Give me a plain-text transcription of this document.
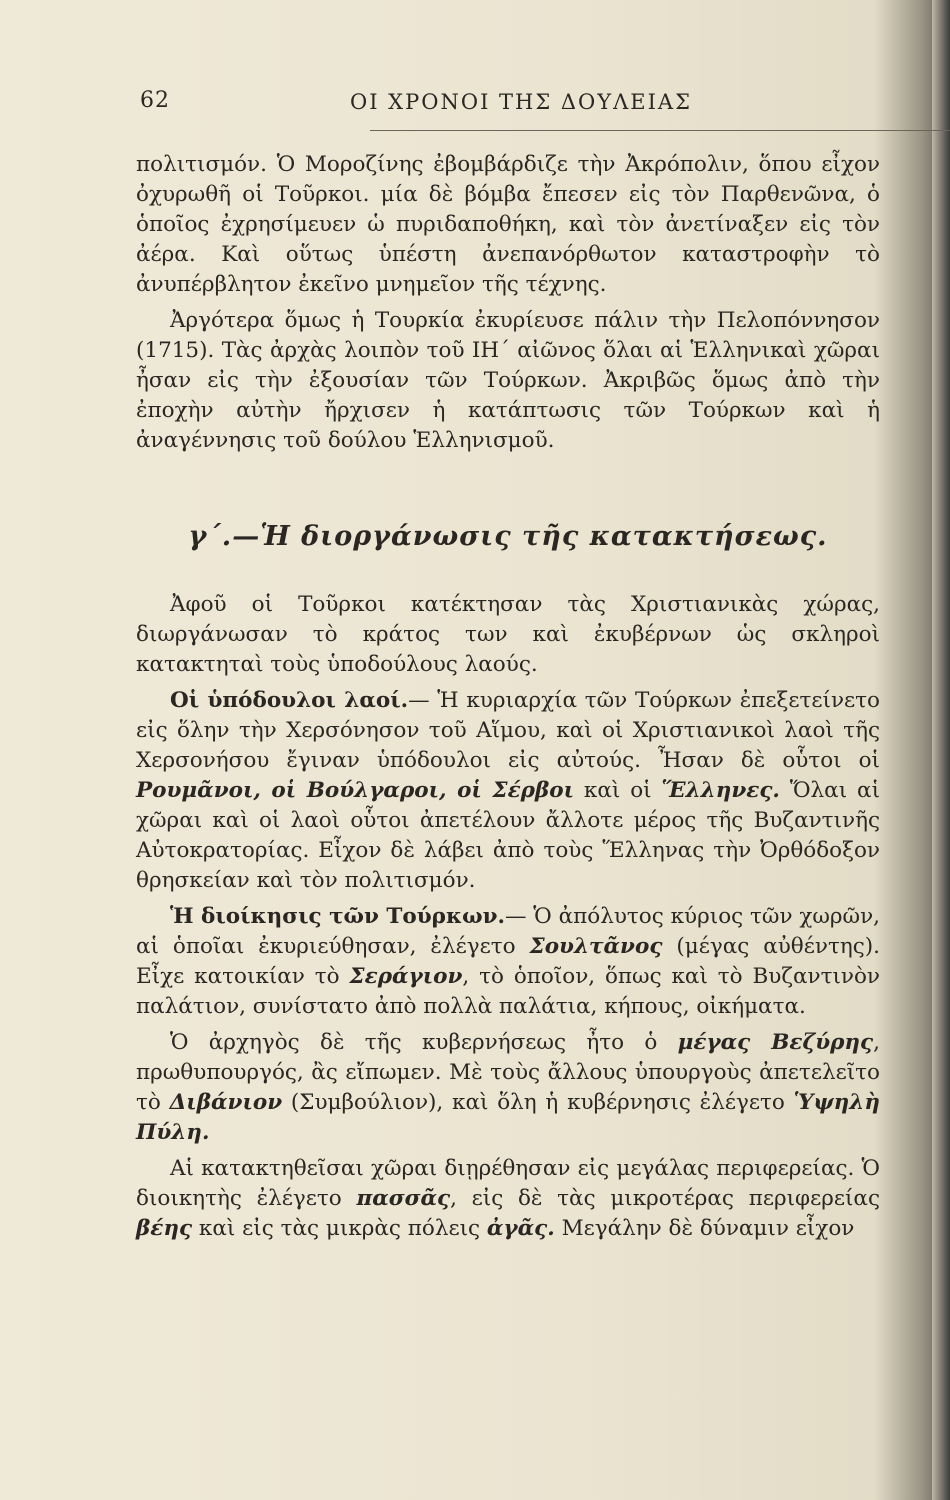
62	ΟΙ ΧΡΟΝΟΙ ΤΗΣ ΔΟΥΛΕΙΑΣ

πολιτισμόν. Ὁ Μοροζίνης ἐβομβάρδιζε τὴν Ἀκρόπολιν, ὅπου εἶχον ὀχυρωθῆ οἱ Τοῦρκοι. μία δὲ βόμβα ἔπεσεν εἰς τὸν Παρθενῶνα, ὁ ὁποῖος ἐχρησίμευεν ὡ πυριδαποθήκη, καὶ τὸν ἀνετίναξεν εἰς τὸν ἀέρα. Καὶ οὕτως ὑπέστη ἀνεπανόρθωτον καταστροφὴν τὸ ἀνυπέρβλητον ἐκεῖνο μνημεῖον τῆς τέχνης.

Ἀργότερα ὅμως ἡ Τουρκία ἐκυρίευσε πάλιν τὴν Πελοπόννησον (1715). Τὰς ἀρχὰς λοιπὸν τοῦ ΙΗ΄ αἰῶνος ὅλαι αἱ Ἑλληνικαὶ χῶραι ἦσαν εἰς τὴν ἐξουσίαν τῶν Τούρκων. Ἀκριβῶς ὅμως ἀπὸ τὴν ἐποχὴν αὐτὴν ἤρχισεν ἡ κατάπτωσις τῶν Τούρκων καὶ ἡ ἀναγέννησις τοῦ δούλου Ἑλληνισμοῦ.

γ΄.—Ἡ διοργάνωσις τῆς κατακτήσεως.

Ἀφοῦ οἱ Τοῦρκοι κατέκτησαν τὰς Χριστιανικὰς χώρας, διωργάνωσαν τὸ κράτος των καὶ ἐκυβέρνων ὡς σκληροὶ κατακτηταὶ τοὺς ὑποδούλους λαούς.

Οἱ ὑπόδουλοι λαοί.— Ἡ κυριαρχία τῶν Τούρκων ἐπεξετείνετο εἰς ὅλην τὴν Χερσόνησον τοῦ Αἵμου, καὶ οἱ Χριστιανικοὶ λαοὶ τῆς Χερσονήσου ἔγιναν ὑπόδουλοι εἰς αὐτούς. Ἦσαν δὲ οὗτοι οἱ Ρουμᾶνοι, οἱ Βούλγαροι, οἱ Σέρβοι καὶ οἱ Ἕλληνες. Ὅλαι αἱ χῶραι καὶ οἱ λαοὶ οὗτοι ἀπετέλουν ἄλλοτε μέρος τῆς Βυζαντινῆς Αὐτοκρατορίας. Εἶχον δὲ λάβει ἀπὸ τοὺς Ἕλληνας τὴν Ὀρθόδοξον θρησκείαν καὶ τὸν πολιτισμόν.

Ἡ διοίκησις τῶν Τούρκων.— Ὁ ἀπόλυτος κύριος τῶν χωρῶν, αἱ ὁποῖαι ἐκυριεύθησαν, ἐλέγετο Σουλτᾶνος (μέγας αὐθέντης). Εἶχε κατοικίαν τὸ Σεράγιον, τὸ ὁποῖον, ὅπως καὶ τὸ Βυζαντινὸν παλάτιον, συνίστατο ἀπὸ πολλὰ παλάτια, κήπους, οἰκήματα.

Ὁ ἀρχηγὸς δὲ τῆς κυβερνήσεως ἦτο ὁ μέγας Βεζύρης, πρωθυπουργός, ἂς εἴπωμεν. Μὲ τοὺς ἄλλους ὑπουργοὺς ἀπετελεῖτο τὸ Διβάνιον (Συμβούλιον), καὶ ὅλη ἡ κυβέρνησις ἐλέγετο Ὑψηλὴ Πύλη.

Αἱ κατακτηθεῖσαι χῶραι διῃρέθησαν εἰς μεγάλας περιφερείας. Ὁ διοικητὴς ἐλέγετο πασσᾶς, εἰς δὲ τὰς μικροτέρας περιφερείας βέης καὶ εἰς τὰς μικρὰς πόλεις ἀγᾶς. Μεγάλην δὲ δύναμιν εἶχον
